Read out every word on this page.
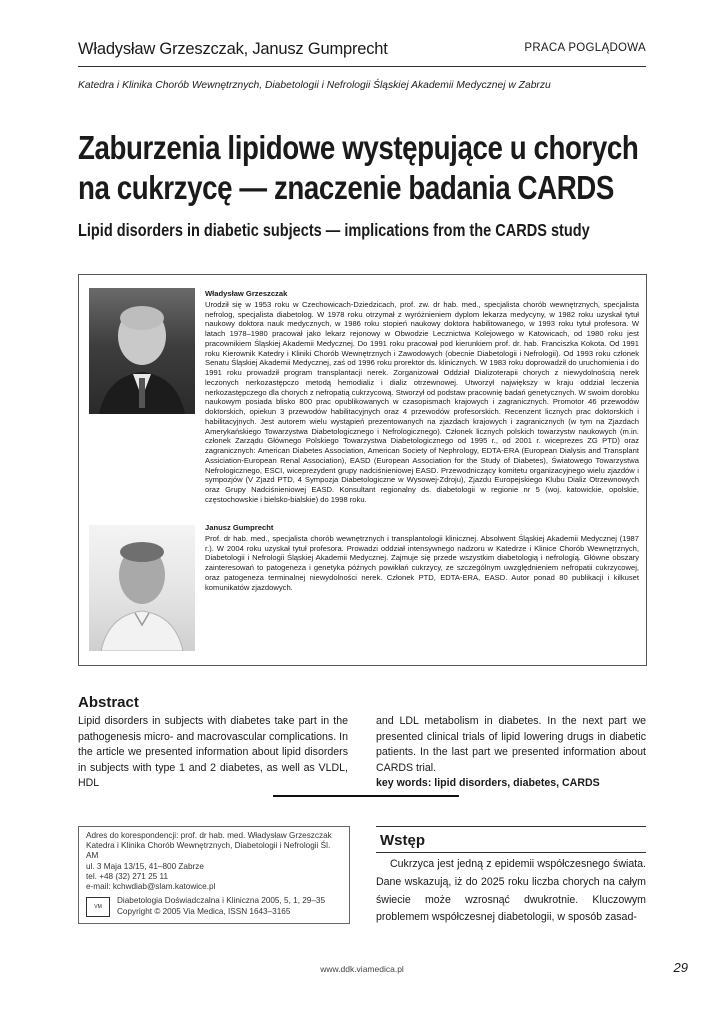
Władysław Grzeszczak, Janusz Gumprecht	PRACA POGLĄDOWA
Katedra i Klinika Chorób Wewnętrznych, Diabetologii i Nefrologii Śląskiej Akademii Medycznej w Zabrzu
Zaburzenia lipidowe występujące u chorych
na cukrzycę — znaczenie badania CARDS
Lipid disorders in diabetic subjects — implications from the CARDS study
Władysław Grzeszczak
Urodził się w 1953 roku w Czechowicach-Dziedzicach, prof. zw. dr hab. med., specjalista chorób wewnętrznych, specjalista nefrolog, specjalista diabetolog. W 1978 roku otrzymał z wyróżnieniem dyplom lekarza medycyny, w 1982 roku uzyskał tytuł naukowy doktora nauk medycznych, w 1986 roku stopień naukowy doktora habilitowanego, w 1993 roku tytuł profesora. W latach 1978–1980 pracował jako lekarz rejonowy w Obwodzie Lecznictwa Kolejowego w Katowicach, od 1980 roku jest pracownikiem Śląskiej Akademii Medycznej. Do 1991 roku pracował pod kierunkiem prof. dr. hab. Franciszka Kokota. Od 1991 roku Kierownik Katedry i Kliniki Chorób Wewnętrznych i Zawodowych (obecnie Diabetologii i Nefrologii). Od 1993 roku członek Senatu Śląskiej Akademii Medycznej, zaś od 1996 roku prorektor ds. klinicznych. W 1983 roku doprowadził do uruchomienia i do 1991 roku prowadził program transplantacji nerek. Zorganizował Oddział Dializoterapii chorych z niewydolnością nerek leczonych nerkozastępczo metodą hemodializ i dializ otrzewnowej. Utworzył największy w kraju oddział leczenia nerkozastępczego dla chorych z nefropatią cukrzycową. Stworzył od podstaw pracownię badań genetycznych. W swoim dorobku naukowym posiada blisko 800 prac opublikowanych w czasopismach krajowych i zagranicznych. Promotor 46 przewodów doktorskich, opiekun 3 przewodów habilitacyjnych oraz 4 przewodów profesorskich. Recenzent licznych prac doktorskich i habilitacyjnych. Jest autorem wielu wystąpień prezentowanych na zjazdach krajowych i zagranicznych (w tym na Zjazdach Amerykańskiego Towarzystwa Diabetologicznego i Nefrologicznego). Członek licznych polskich towarzystw naukowych (m.in. członek Zarządu Głównego Polskiego Towarzystwa Diabetologicznego od 1995 r., od 2001 r. wiceprezes ZG PTD) oraz zagranicznych: American Diabetes Association, American Society of Nephrology, EDTA-ERA (European Dialysis and Transplant Assiciation-European Renal Association), EASD (European Association for the Study of Diabetes), Światowego Towarzystwa Nefrologicznego, ESCI, wiceprezydent grupy nadciśnieniowej EASD. Przewodniczący komitetu organizacyjnego wielu zjazdów i sympozjów (V Zjazd PTD, 4 Sympozja Diabetologiczne w Wysowej-Zdroju), Zjazdu Europejskiego Klubu Dializ Otrzewnowych oraz Grupy Nadciśnieniowej EASD. Konsultant regionalny ds. diabetologii w regionie nr 5 (woj. katowickie, opolskie, częstochowskie i bielsko-bialskie) do 1998 roku.
Janusz Gumprecht
Prof. dr hab. med., specjalista chorób wewnętrznych i transplantologii klinicznej. Absolwent Śląskiej Akademii Medycznej (1987 r.). W 2004 roku uzyskał tytuł profesora. Prowadzi oddział intensywnego nadzoru w Katedrze i Klinice Chorób Wewnętrznych, Diabetologii i Nefrologii Śląskiej Akademii Medycznej. Zajmuje się przede wszystkim diabetologią i nefrologią. Główne obszary zainteresowań to patogeneza i genetyka późnych powikłań cukrzycy, ze szczególnym uwzględnieniem nefropatii cukrzycowej, oraz patogeneza terminalnej niewydolności nerek. Członek PTD, EDTA-ERA, EASD. Autor ponad 80 publikacji i kilkuset komunikatów zjazdowych.
Abstract
Lipid disorders in subjects with diabetes take part in the pathogenesis micro- and macrovascular complications. In the article we presented information about lipid disorders in subjects with type 1 and 2 diabetes, as well as VLDL, HDL
and LDL metabolism in diabetes. In the next part we presented clinical trials of lipid lowering drugs in diabetic patients. In the last part we presented information about CARDS trial.
key words: lipid disorders, diabetes, CARDS
Adres do korespondencji: prof. dr hab. med. Władysław Grzeszczak
Katedra i Klinika Chorób Wewnętrznych, Diabetologii i Nefrologii Śl. AM
ul. 3 Maja 13/15, 41–800 Zabrze
tel. +48 (32) 271 25 11
e-mail: kchwdiab@slam.katowice.pl
VM
Diabetologia Doświadczalna i Kliniczna 2005, 5, 1, 29–35
Copyright © 2005 Via Medica, ISSN 1643–3165
Wstęp
Cukrzyca jest jedną z epidemii współczesnego świata. Dane wskazują, iż do 2025 roku liczba chorych na całym świecie może wzrosnąć dwukrotnie. Kluczowym problemem współczesnej diabetologii, w sposób zasad-
www.ddk.viamedica.pl	29
